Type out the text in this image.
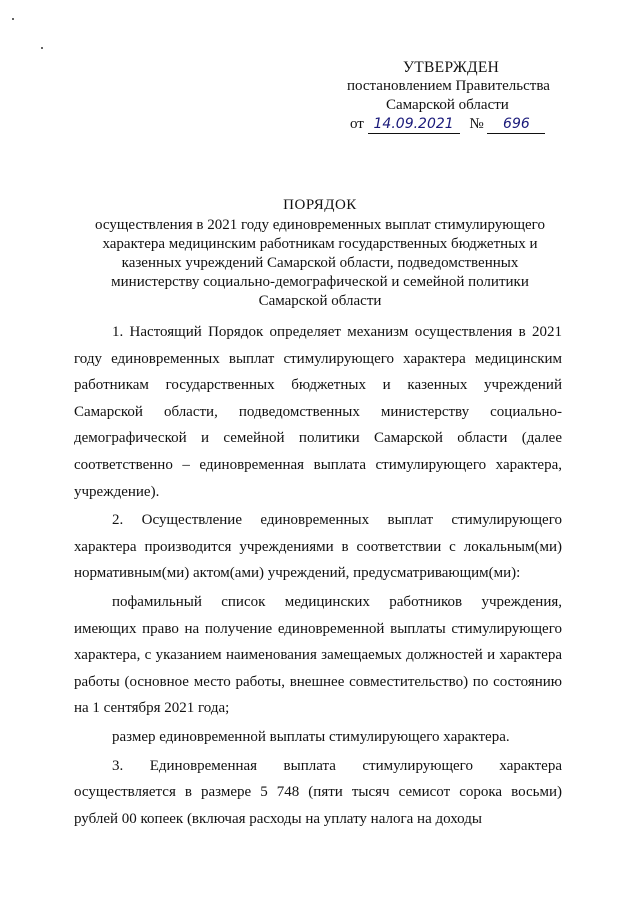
УТВЕРЖДЕН
постановлением Правительства
Самарской области
от 14.09.2021 № 696
ПОРЯДОК
осуществления в 2021 году единовременных выплат стимулирующего
характера медицинским работникам государственных бюджетных и
казенных учреждений Самарской области, подведомственных
министерству социально-демографической и семейной политики
Самарской области

1. Настоящий Порядок определяет механизм осуществления в 2021 году единовременных выплат стимулирующего характера медицинским работникам государственных бюджетных и казенных учреждений Самарской области, подведомственных министерству социально-демографической и семейной политики Самарской области (далее соответственно – единовременная выплата стимулирующего характера, учреждение).

2. Осуществление единовременных выплат стимулирующего характера производится учреждениями в соответствии с локальным(ми) нормативным(ми) актом(ами) учреждений, предусматривающим(ми):

пофамильный список медицинских работников учреждения, имеющих право на получение единовременной выплаты стимулирующего характера, с указанием наименования замещаемых должностей и характера работы (основное место работы, внешнее совместительство) по состоянию на 1 сентября 2021 года;

размер единовременной выплаты стимулирующего характера.

3. Единовременная выплата стимулирующего характера осуществляется в размере 5 748 (пяти тысяч семисот сорока восьми) рублей 00 копеек (включая расходы на уплату налога на доходы
